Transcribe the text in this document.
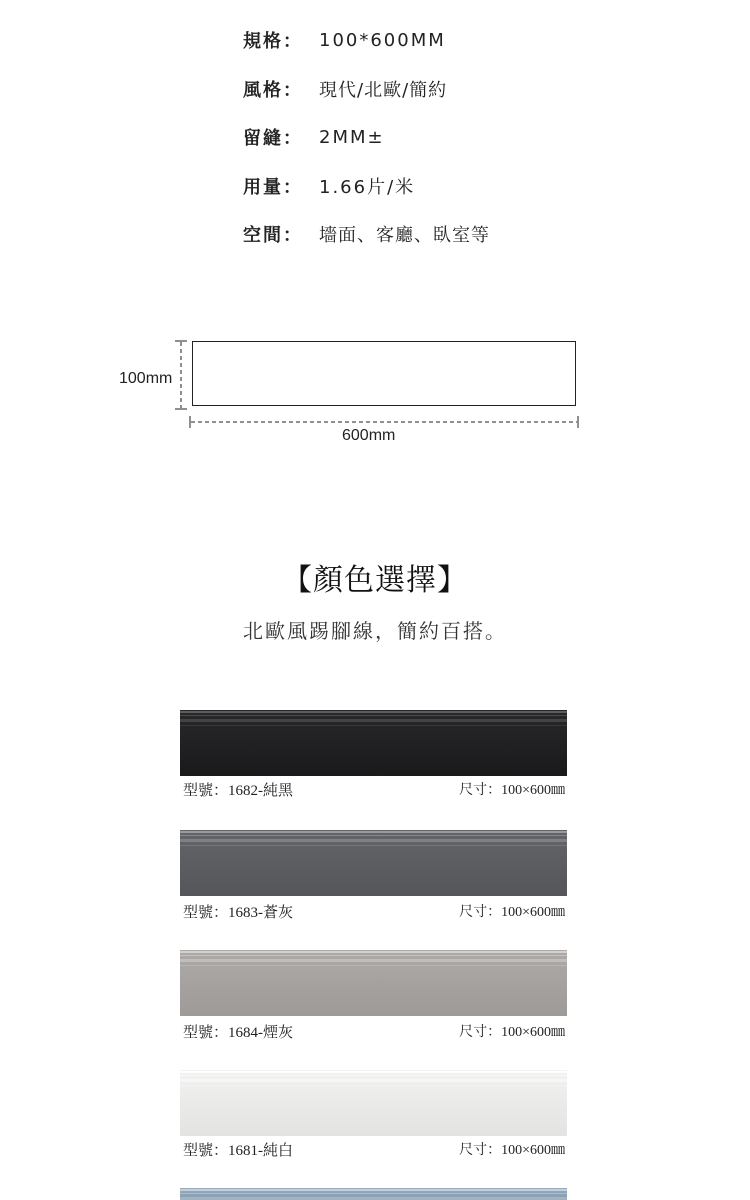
規格： 100*600MM
風格： 現代/北歐/簡約
留縫： 2MM±
用量： 1.66片/米
空間： 墻面、客廳、臥室等
100mm
600mm
【顏色選擇】
北歐風踢腳線，簡約百搭。
型號：1682-純黑	尺寸：100×600㎜
型號：1683-蒼灰	尺寸：100×600㎜
型號：1684-煙灰	尺寸：100×600㎜
型號：1681-純白	尺寸：100×600㎜
